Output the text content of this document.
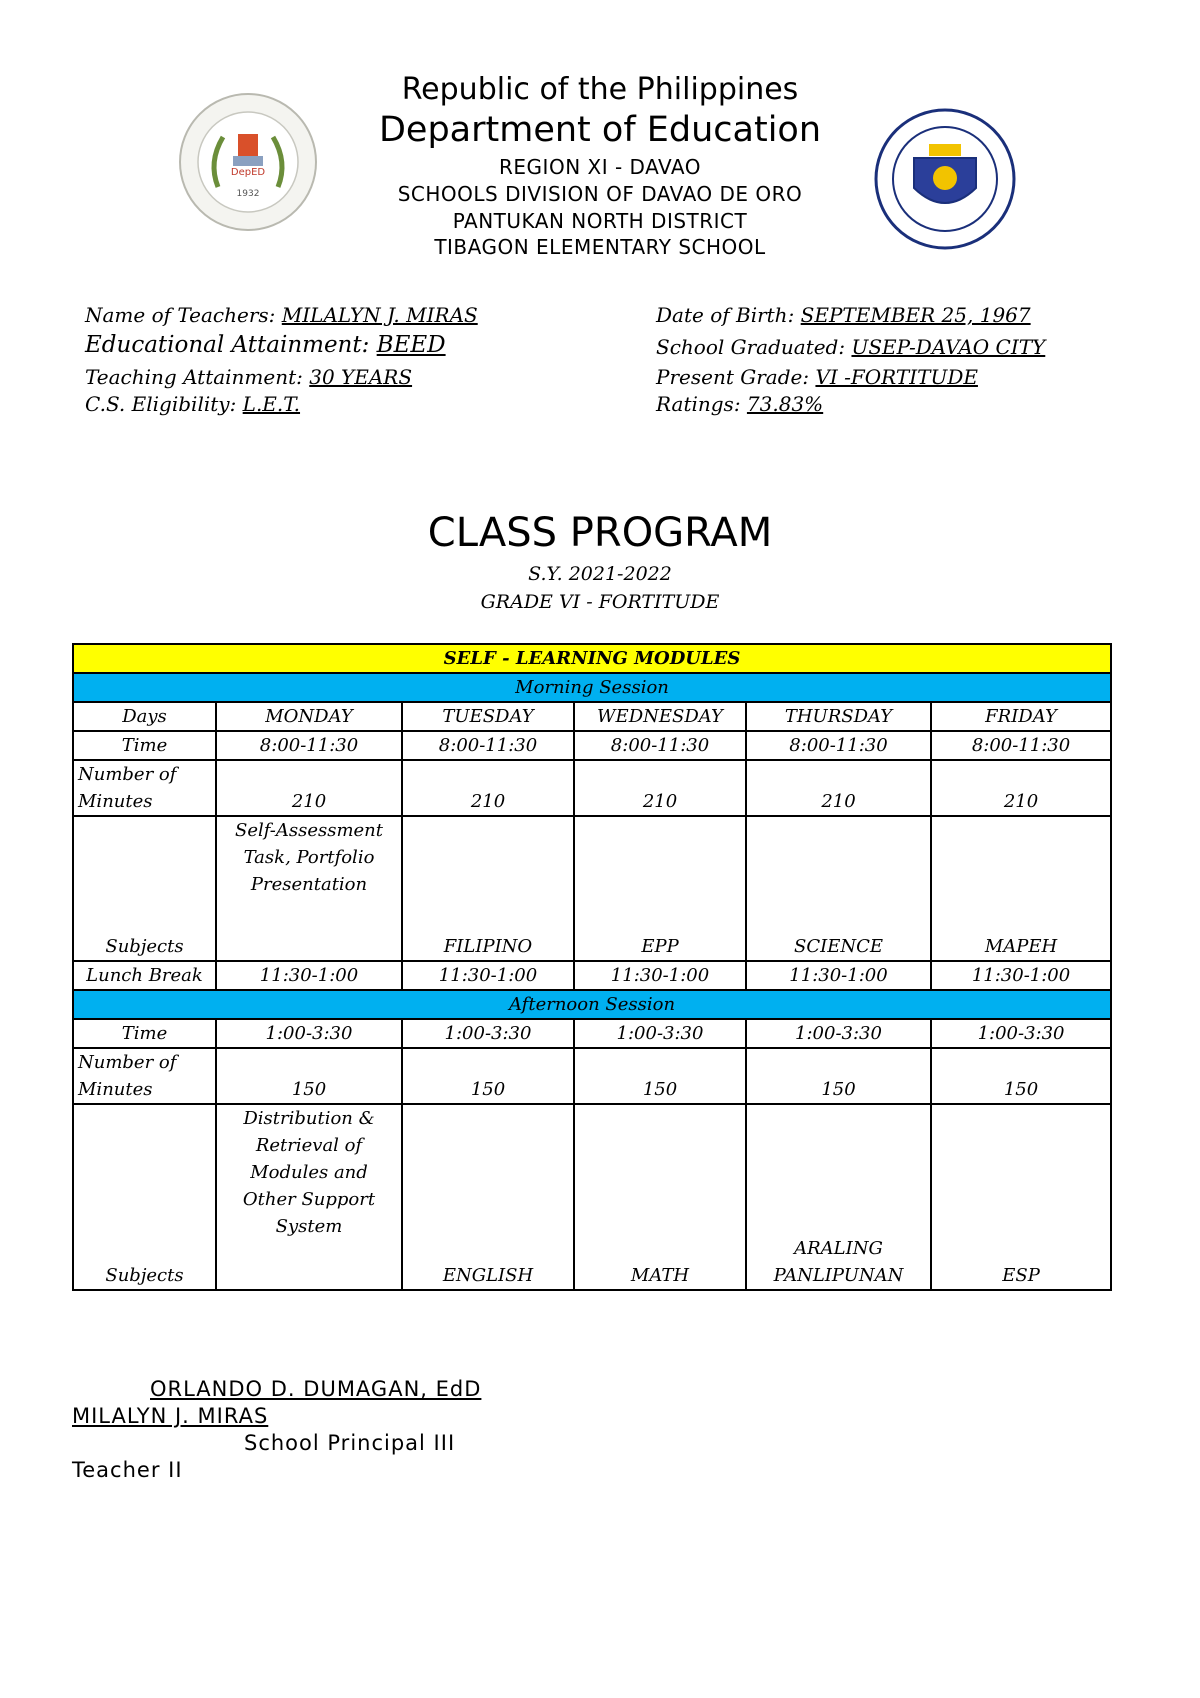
DepED
1932
Republic of the Philippines
Department of Education
REGION XI - DAVAO
SCHOOLS DIVISION OF DAVAO DE ORO
PANTUKAN NORTH DISTRICT
TIBAGON ELEMENTARY SCHOOL
Name of Teachers: MILALYN J. MIRAS
Educational Attainment: BEED
Teaching Attainment: 30 YEARS
C.S. Eligibility: L.E.T.
Date of Birth: SEPTEMBER 25, 1967
School Graduated: USEP-DAVAO CITY
Present Grade: VI -FORTITUDE
Ratings: 73.83%
CLASS PROGRAM
S.Y. 2021-2022
GRADE VI - FORTITUDE
SELF - LEARNING MODULES					
Morning Session					
Days	MONDAY	TUESDAY	WEDNESDAY	THURSDAY	FRIDAY
Time	8:00-11:30	8:00-11:30	8:00-11:30	8:00-11:30	8:00-11:30
Number of Minutes	210	210	210	210	210
Subjects	Self-Assessment Task, Portfolio Presentation	FILIPINO	EPP	SCIENCE	MAPEH
Lunch Break	11:30-1:00	11:30-1:00	11:30-1:00	11:30-1:00	11:30-1:00
Afternoon Session					
Time	1:00-3:30	1:00-3:30	1:00-3:30	1:00-3:30	1:00-3:30
Number of Minutes	150	150	150	150	150
Subjects	Distribution & Retrieval of Modules and Other Support System	ENGLISH	MATH	ARALING PANLIPUNAN	ESP
ORLANDO D. DUMAGAN, EdD
MILALYN J. MIRAS
School Principal III
Teacher II
